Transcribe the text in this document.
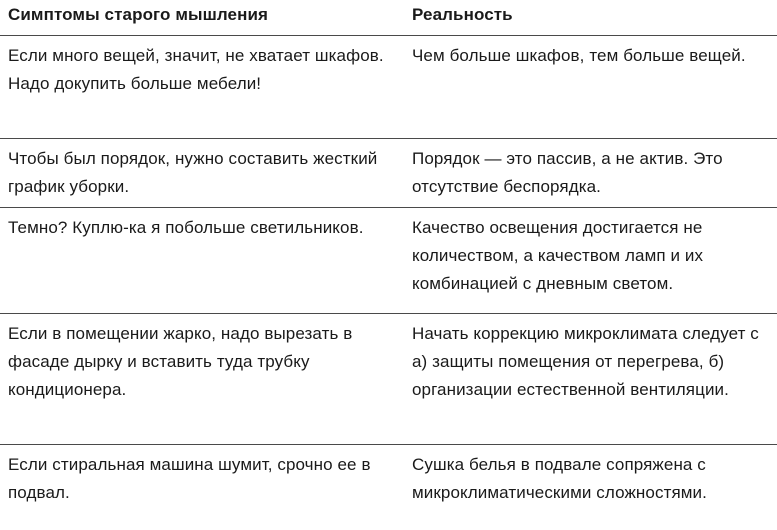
Симптомы старого мышления	Реальность
Если много вещей, значит, не хватает шкафов. Надо докупить больше мебели!
Чем больше шкафов, тем больше вещей.
Чтобы был порядок, нужно составить жесткий график уборки.
Порядок — это пассив, а не актив. Это отсутствие беспорядка.
Темно? Куплю-ка я побольше светильников.	Качество освещения достигается не количеством, а качеством ламп и их комбинацией с дневным светом.
Если в помещении жарко, надо вырезать в фасаде дырку и вставить туда трубку кондиционера.
Начать коррекцию микроклимата следует с а) защиты помещения от перегрева, б) организации естественной вентиляции.
Если стиральная машина шумит, срочно ее в подвал.
Сушка белья в подвале сопряжена с микроклиматическими сложностями.
